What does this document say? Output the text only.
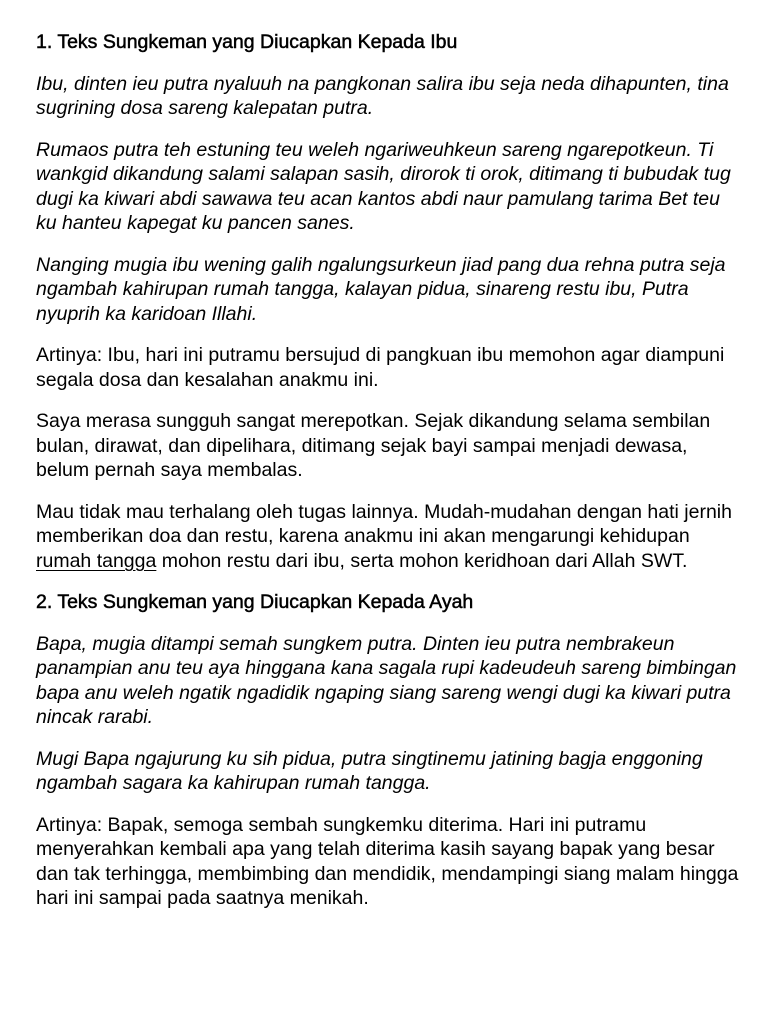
1. Teks Sungkeman yang Diucapkan Kepada Ibu

Ibu, dinten ieu putra nyaluuh na pangkonan salira ibu seja neda dihapunten, tina sugrining dosa sareng kalepatan putra.

Rumaos putra teh estuning teu weleh ngariweuhkeun sareng ngarepotkeun. Ti wankgid dikandung salami salapan sasih, dirorok ti orok, ditimang ti bubudak tug dugi ka kiwari abdi sawawa teu acan kantos abdi naur pamulang tarima Bet teu ku hanteu kapegat ku pancen sanes.

Nanging mugia ibu wening galih ngalungsurkeun jiad pang dua rehna putra seja ngambah kahirupan rumah tangga, kalayan pidua, sinareng restu ibu, Putra nyuprih ka karidoan Illahi.

Artinya: Ibu, hari ini putramu bersujud di pangkuan ibu memohon agar diampuni segala dosa dan kesalahan anakmu ini.

Saya merasa sungguh sangat merepotkan. Sejak dikandung selama sembilan bulan, dirawat, dan dipelihara, ditimang sejak bayi sampai menjadi dewasa, belum pernah saya membalas.

Mau tidak mau terhalang oleh tugas lainnya. Mudah-mudahan dengan hati jernih memberikan doa dan restu, karena anakmu ini akan mengarungi kehidupan rumah tangga mohon restu dari ibu, serta mohon keridhoan dari Allah SWT.

2. Teks Sungkeman yang Diucapkan Kepada Ayah

Bapa, mugia ditampi semah sungkem putra. Dinten ieu putra nembrakeun panampian anu teu aya hinggana kana sagala rupi kadeudeuh sareng bimbingan bapa anu weleh ngatik ngadidik ngaping siang sareng wengi dugi ka kiwari putra nincak rarabi.

Mugi Bapa ngajurung ku sih pidua, putra singtinemu jatining bagja enggoning ngambah sagara ka kahirupan rumah tangga.

Artinya: Bapak, semoga sembah sungkemku diterima. Hari ini putramu menyerahkan kembali apa yang telah diterima kasih sayang bapak yang besar dan tak terhingga, membimbing dan mendidik, mendampingi siang malam hingga hari ini sampai pada saatnya menikah.
